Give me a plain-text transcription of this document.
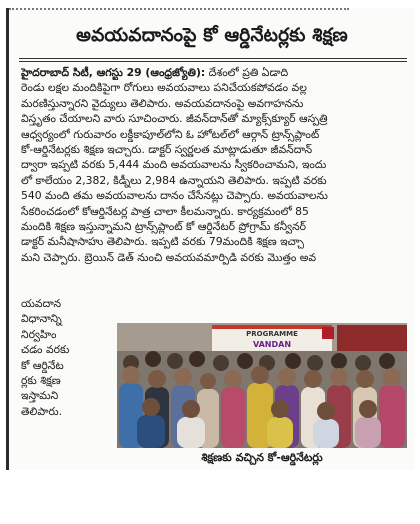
అవయవదానంపై కో ఆర్డినేటర్లకు శిక్షణ
హైదరాబాద్ సిటీ, ఆగస్టు 29 (ఆంధ్రజ్యోతి): దేశంలో ప్రతి ఏడాది
రెండు లక్షల మందికిపైగా రోగులు అవయవాలు పనిచేయకపోవడం వల్ల
మరణిస్తున్నారని వైద్యులు తెలిపారు. అవయవదానంపై అవగాహనను
విస్తృతం చేయాలని వారు సూచించారు. జీవన్‌దాన్‌తో మ్యాక్స్‌క్యూర్ ఆస్పత్రి
ఆధ్వర్యంలో గురువారం లక్డీకాపూల్‌లోని ఓ హోటల్‌లో ఆర్గాన్ ట్రాన్స్‌ప్లాంట్
కో-ఆర్డినేటర్లకు శిక్షణ ఇచ్చారు. డాక్టర్ స్వర్ణలత మాట్లాడుతూ జీవన్‌దాన్
ద్వారా ఇప్పటి వరకు 5,444 మంది అవయవాలను స్వీకరించామని, ఇందు
లో కాలేయం 2,382, కిడ్నీలు 2,984 ఉన్నాయని తెలిపారు. ఇప్పటి వరకు
540 మంది తమ అవయవాలను దానం చేసేనట్లు చెప్పారు. అవయవాలను
సేకరించడంలో కోఆర్డినేటర్ల పాత్ర చాలా కీలమన్నారు. కార్యక్రమంలో 85
మందికి శిక్షణ ఇస్తున్నామని ట్రాన్స్‌ప్లాంట్ కో ఆర్డినేటర్ ప్రోగ్రామ్ కన్వీనర్
డాక్టర్ మనీషాసాహు తెలిపారు. ఇప్పటి వరకు 79మందికి శిక్షణ ఇచ్చా
మని చెప్పారు. బ్రెయిన్ డెత్ నుంచి అవయవమార్పిడి వరకు మొత్తం అవ
యవదాన
విధానాన్ని
నిర్వహిం
చడం వరకు
కో ఆర్డినేట
ర్లకు శిక్షణ
ఇస్తామని
తెలిపారు.
PROGRAMME
VANDAN
శిక్షణకు వచ్చిన కో-ఆర్డినేటర్లు
